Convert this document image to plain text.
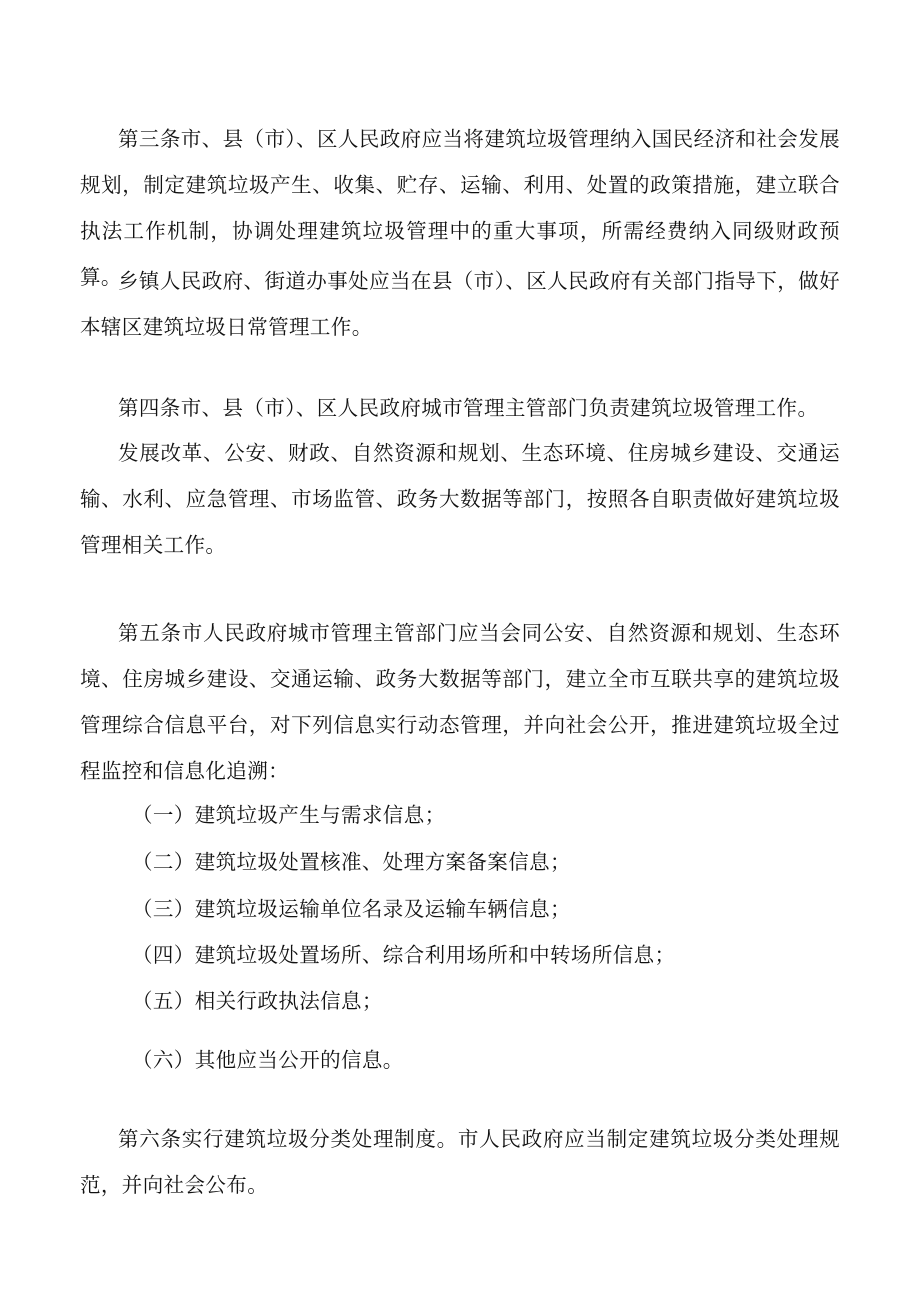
第三条市、县（市）、区人民政府应当将建筑垃圾管理纳入国民经济和社会发展规划，制定建筑垃圾产生、收集、贮存、运输、利用、处置的政策措施，建立联合执法工作机制，协调处理建筑垃圾管理中的重大事项，所需经费纳入同级财政预算。

乡镇人民政府、街道办事处应当在县（市）、区人民政府有关部门指导下，做好本辖区建筑垃圾日常管理工作。

第四条市、县（市）、区人民政府城市管理主管部门负责建筑垃圾管理工作。

发展改革、公安、财政、自然资源和规划、生态环境、住房城乡建设、交通运输、水利、应急管理、市场监管、政务大数据等部门，按照各自职责做好建筑垃圾管理相关工作。

第五条市人民政府城市管理主管部门应当会同公安、自然资源和规划、生态环境、住房城乡建设、交通运输、政务大数据等部门，建立全市互联共享的建筑垃圾管理综合信息平台，对下列信息实行动态管理，并向社会公开，推进建筑垃圾全过程监控和信息化追溯：

（一）建筑垃圾产生与需求信息；

（二）建筑垃圾处置核准、处理方案备案信息；

（三）建筑垃圾运输单位名录及运输车辆信息；

（四）建筑垃圾处置场所、综合利用场所和中转场所信息；

（五）相关行政执法信息；

（六）其他应当公开的信息。

第六条实行建筑垃圾分类处理制度。市人民政府应当制定建筑垃圾分类处理规范，并向社会公布。
